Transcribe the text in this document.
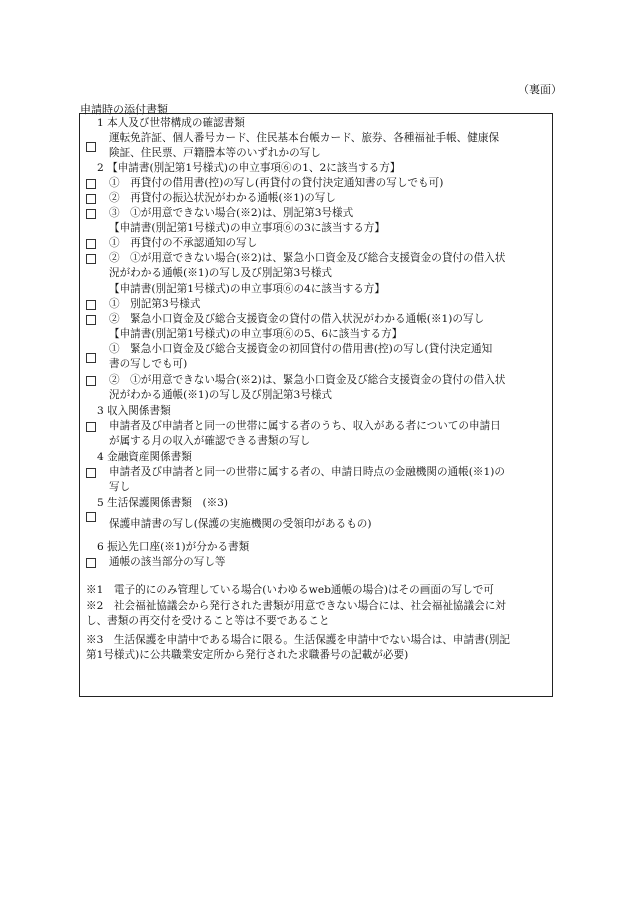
（裏面）
申請時の添付書類
1 本人及び世帯構成の確認書類
運転免許証、個人番号カード、住民基本台帳カード、旅券、各種福祉手帳、健康保
険証、住民票、戸籍謄本等のいずれかの写し
2 【申請書(別記第1号様式)の申立事項⑥の1、2に該当する方】
①　再貸付の借用書(控)の写し(再貸付の貸付決定通知書の写しでも可)
②　再貸付の振込状況がわかる通帳(※1)の写し
③　①が用意できない場合(※2)は、別記第3号様式
【申請書(別記第1号様式)の申立事項⑥の3に該当する方】
①　再貸付の不承認通知の写し
②　①が用意できない場合(※2)は、緊急小口資金及び総合支援資金の貸付の借入状
況がわかる通帳(※1)の写し及び別記第3号様式
【申請書(別記第1号様式)の申立事項⑥の4に該当する方】
①　別記第3号様式
②　緊急小口資金及び総合支援資金の貸付の借入状況がわかる通帳(※1)の写し
【申請書(別記第1号様式)の申立事項⑥の5、6に該当する方】
①　緊急小口資金及び総合支援資金の初回貸付の借用書(控)の写し(貸付決定通知
書の写しでも可)
②　①が用意できない場合(※2)は、緊急小口資金及び総合支援資金の貸付の借入状
況がわかる通帳(※1)の写し及び別記第3号様式
3 収入関係書類
申請者及び申請者と同一の世帯に属する者のうち、収入がある者についての申請日
が属する月の収入が確認できる書類の写し
4 金融資産関係書類
申請者及び申請者と同一の世帯に属する者の、申請日時点の金融機関の通帳(※1)の
写し
5 生活保護関係書類　(※3)
保護申請書の写し(保護の実施機関の受領印があるもの)
6 振込先口座(※1)が分かる書類
通帳の該当部分の写し等
※1　電子的にのみ管理している場合(いわゆるweb通帳の場合)はその画面の写しで可
※2　社会福祉協議会から発行された書類が用意できない場合には、社会福祉協議会に対
し、書類の再交付を受けること等は不要であること
※3　生活保護を申請中である場合に限る。生活保護を申請中でない場合は、申請書(別記
第1号様式)に公共職業安定所から発行された求職番号の記載が必要)
